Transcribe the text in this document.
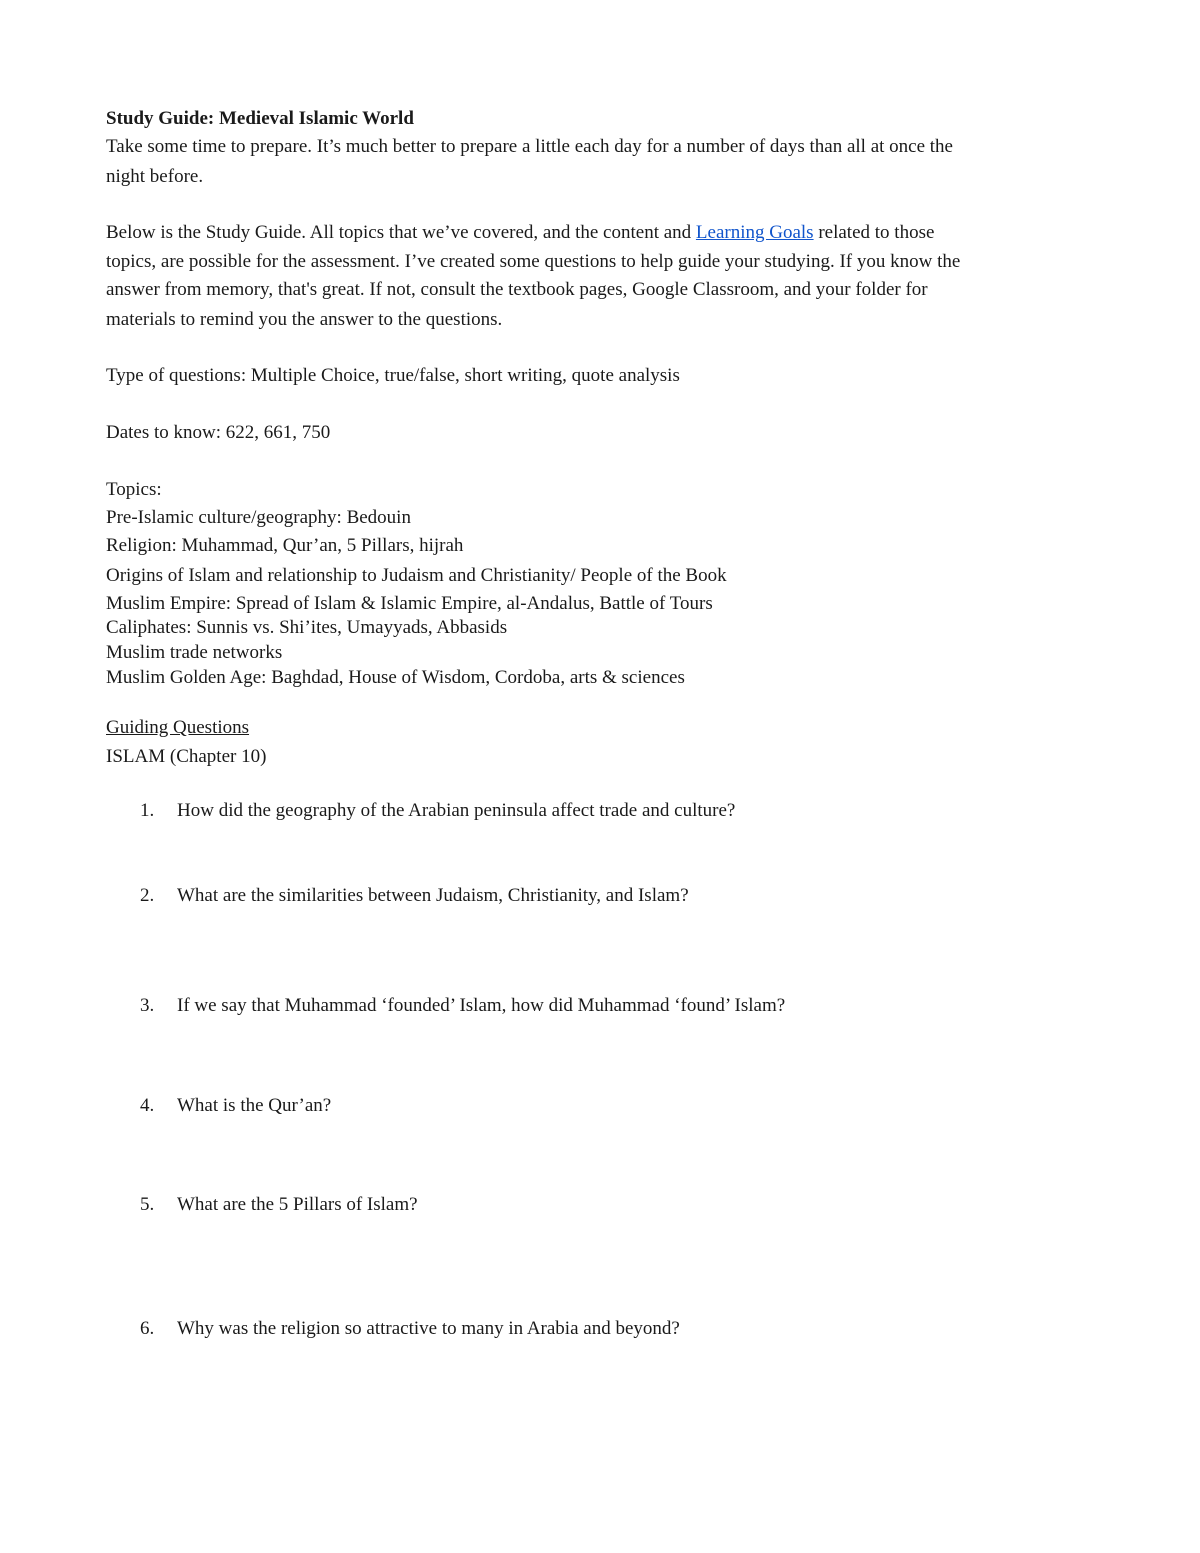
Study Guide: Medieval Islamic World
Take some time to prepare. It’s much better to prepare a little each day for a number of days than all at once the
night before.
Below is the Study Guide. All topics that we’ve covered, and the content and Learning Goals related to those
topics, are possible for the assessment. I’ve created some questions to help guide your studying. If you know the
answer from memory, that's great. If not, consult the textbook pages, Google Classroom, and your folder for
materials to remind you the answer to the questions.
Type of questions: Multiple Choice, true/false, short writing, quote analysis
Dates to know: 622, 661, 750
Topics:
Pre-Islamic culture/geography: Bedouin
Religion: Muhammad, Qur’an, 5 Pillars, hijrah
Origins of Islam and relationship to Judaism and Christianity/ People of the Book
Muslim Empire: Spread of Islam & Islamic Empire, al-Andalus, Battle of Tours
Caliphates: Sunnis vs. Shi’ites, Umayyads, Abbasids
Muslim trade networks
Muslim Golden Age: Baghdad, House of Wisdom, Cordoba, arts & sciences
Guiding Questions
ISLAM (Chapter 10)
1. How did the geography of the Arabian peninsula affect trade and culture?
2. What are the similarities between Judaism, Christianity, and Islam?
3. If we say that Muhammad ‘founded’ Islam, how did Muhammad ‘found’ Islam?
4. What is the Qur’an?
5. What are the 5 Pillars of Islam?
6. Why was the religion so attractive to many in Arabia and beyond?
